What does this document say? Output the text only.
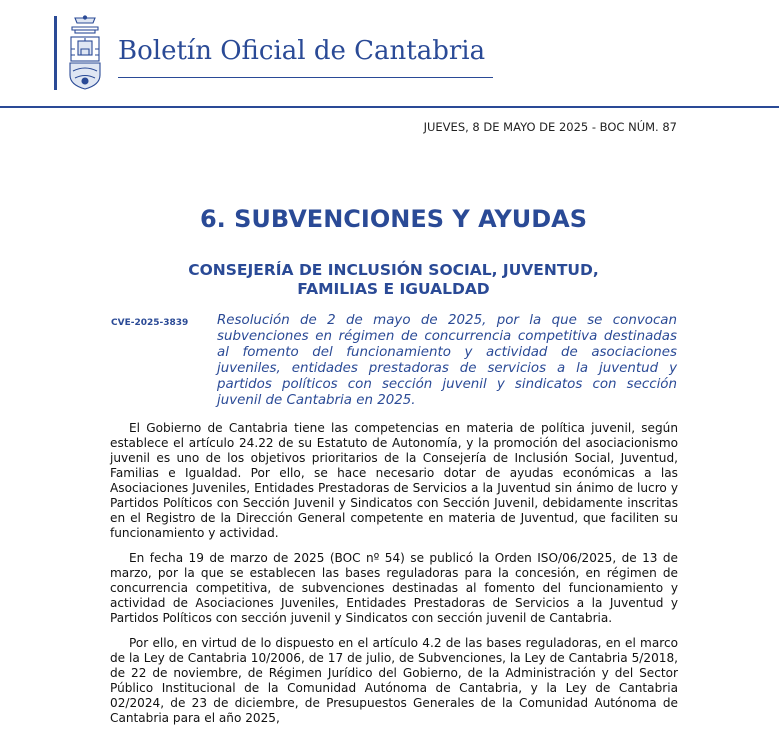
Boletín Oficial de Cantabria
JUEVES, 8 DE MAYO DE 2025 - BOC NÚM. 87
6. SUBVENCIONES Y AYUDAS
CONSEJERÍA DE INCLUSIÓN SOCIAL, JUVENTUD,
FAMILIAS E IGUALDAD
CVE-2025-3839 Resolución de 2 de mayo de 2025, por la que se convocan subvenciones en régimen de concurrencia competitiva destinadas al fomento del funcionamiento y actividad de asociaciones juveniles, entidades prestadoras de servicios a la juventud y partidos políticos con sección juvenil y sindicatos con sección juvenil de Cantabria en 2025.

El Gobierno de Cantabria tiene las competencias en materia de política juvenil, según establece el artículo 24.22 de su Estatuto de Autonomía, y la promoción del asociacionismo juvenil es uno de los objetivos prioritarios de la Consejería de Inclusión Social, Juventud, Familias e Igualdad. Por ello, se hace necesario dotar de ayudas económicas a las Asociaciones Juveniles, Entidades Prestadoras de Servicios a la Juventud sin ánimo de lucro y Partidos Políticos con Sección Juvenil y Sindicatos con Sección Juvenil, debidamente inscritas en el Registro de la Dirección General competente en materia de Juventud, que faciliten su funcionamiento y actividad.

En fecha 19 de marzo de 2025 (BOC nº 54) se publicó la Orden ISO/06/2025, de 13 de marzo, por la que se establecen las bases reguladoras para la concesión, en régimen de concurrencia competitiva, de subvenciones destinadas al fomento del funcionamiento y actividad de Asociaciones Juveniles, Entidades Prestadoras de Servicios a la Juventud y Partidos Políticos con sección juvenil y Sindicatos con sección juvenil de Cantabria.

Por ello, en virtud de lo dispuesto en el artículo 4.2 de las bases reguladoras, en el marco de la Ley de Cantabria 10/2006, de 17 de julio, de Subvenciones, la Ley de Cantabria 5/2018, de 22 de noviembre, de Régimen Jurídico del Gobierno, de la Administración y del Sector Público Institucional de la Comunidad Autónoma de Cantabria, y la Ley de Cantabria 02/2024, de 23 de diciembre, de Presupuestos Generales de la Comunidad Autónoma de Cantabria para el año 2025,
